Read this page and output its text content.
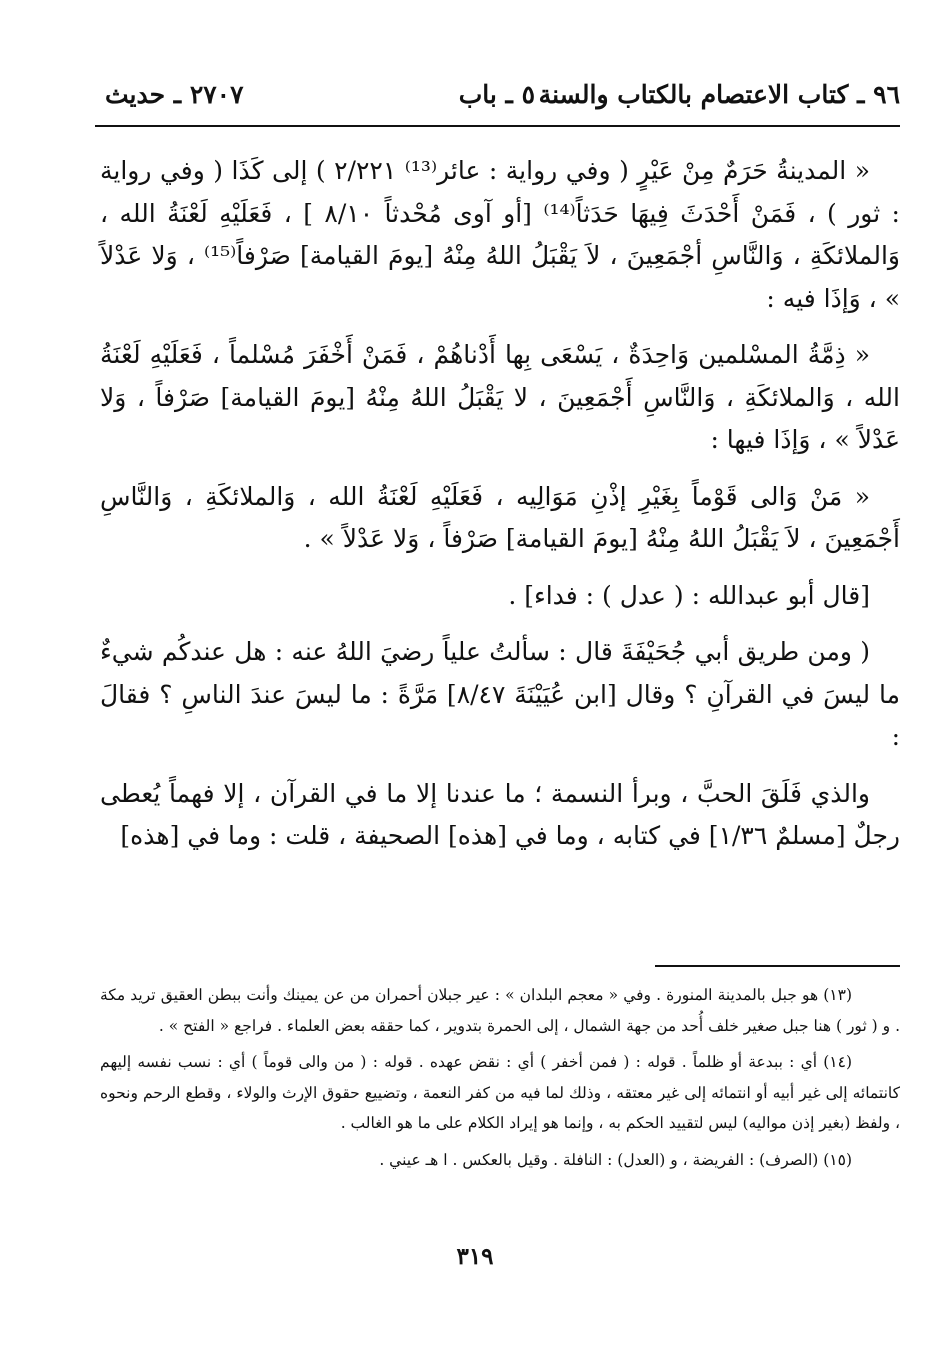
٩٦ ـ كتاب الاعتصام بالكتاب والسنة
٥ ـ باب
٢٧٠٧ ـ حديث

« المدينةُ حَرَمٌ مِنْ عَيْرٍ ( وفي رواية : عائر⁽¹³⁾ ٢/٢٢١ ) إلى كَذَا ( وفي رواية : ثور ) ، فَمَنْ أَحْدَثَ فِيهَا حَدَثاً⁽¹⁴⁾ [أو آوى مُحْدثاً ٨/١٠ ] ، فَعَلَيْهِ لَعْنَةُ الله ، وَالملائكَةِ ، وَالنَّاسِ أجْمَعِينَ ، لاَ يَقْبَلُ اللهُ مِنْهُ [يومَ القيامة] صَرْفاً⁽¹⁵⁾ ، وَلا عَدْلاً » ، وَإذَا فيه :

« ذِمَّةُ المسْلمين وَاحِدَةٌ ، يَسْعَى بِها أَدْناهُمْ ، فَمَنْ أَخْفَرَ مُسْلماً ، فَعَلَيْهِ لَعْنَةُ الله ، وَالملائكَةِ ، وَالنَّاسِ أَجْمَعِينَ ، لا يَقْبَلُ اللهُ مِنْهُ [يومَ القيامة] صَرْفاً ، وَلا عَدْلاً » ، وَإذَا فيها :

« مَنْ وَالى قَوْماً بِغَيْرِ إذْنِ مَوَالِيه ، فَعَلَيْهِ لَعْنَةُ الله ، وَالملائكَةِ ، وَالنَّاسِ أَجْمَعِينَ ، لاَ يَقْبَلُ اللهُ مِنْهُ [يومَ القيامة] صَرْفاً ، وَلا عَدْلاً » .

[قال أبو عبدالله : ( عدل ) : فداء] .

( ومن طريق أبي جُحَيْفَةَ قال : سألتُ علياً رضيَ اللهُ عنه : هل عندكُم شيءٌ ما ليسَ في القرآنِ ؟ وقال [ابن عُيَيْنَةَ ٨/٤٧] مَرَّةً : ما ليسَ عندَ الناسِ ؟ فقالَ :

والذي فَلَقَ الحبَّ ، وبرأ النسمة ؛ ما عندنا إلا ما في القرآن ، إلا فهماً يُعطى رجلٌ [مسلمٌ ١/٣٦] في كتابه ، وما في [هذه] الصحيفة ، قلت : وما في [هذه]

(١٣) هو جبل بالمدينة المنورة . وفي « معجم البلدان » : عير جبلان أحمران من عن يمينك وأنت ببطن العقيق تريد مكة . و ( ثور ) هنا جبل صغير خلف أُحد من جهة الشمال ، إلى الحمرة بتدوير ، كما حققه بعض العلماء . فراجع « الفتح » .

(١٤) أي : ببدعة أو ظلماً . قوله : ( فمن أخفر ) أي : نقض عهده . قوله : ( من والى قوماً ) أي : نسب نفسه إليهم كانتمائه إلى غير أبيه أو انتمائه إلى غير معتقه ، وذلك لما فيه من كفر النعمة ، وتضييع حقوق الإرث والولاء ، وقطع الرحم ونحوه ، ولفظ (بغير إذن مواليه) ليس لتقييد الحكم به ، وإنما هو إيراد الكلام على ما هو الغالب .

(١٥) (الصرف) : الفريضة ، و (العدل) : النافلة . وقيل بالعكس . ا هـ عيني .

٣١٩
